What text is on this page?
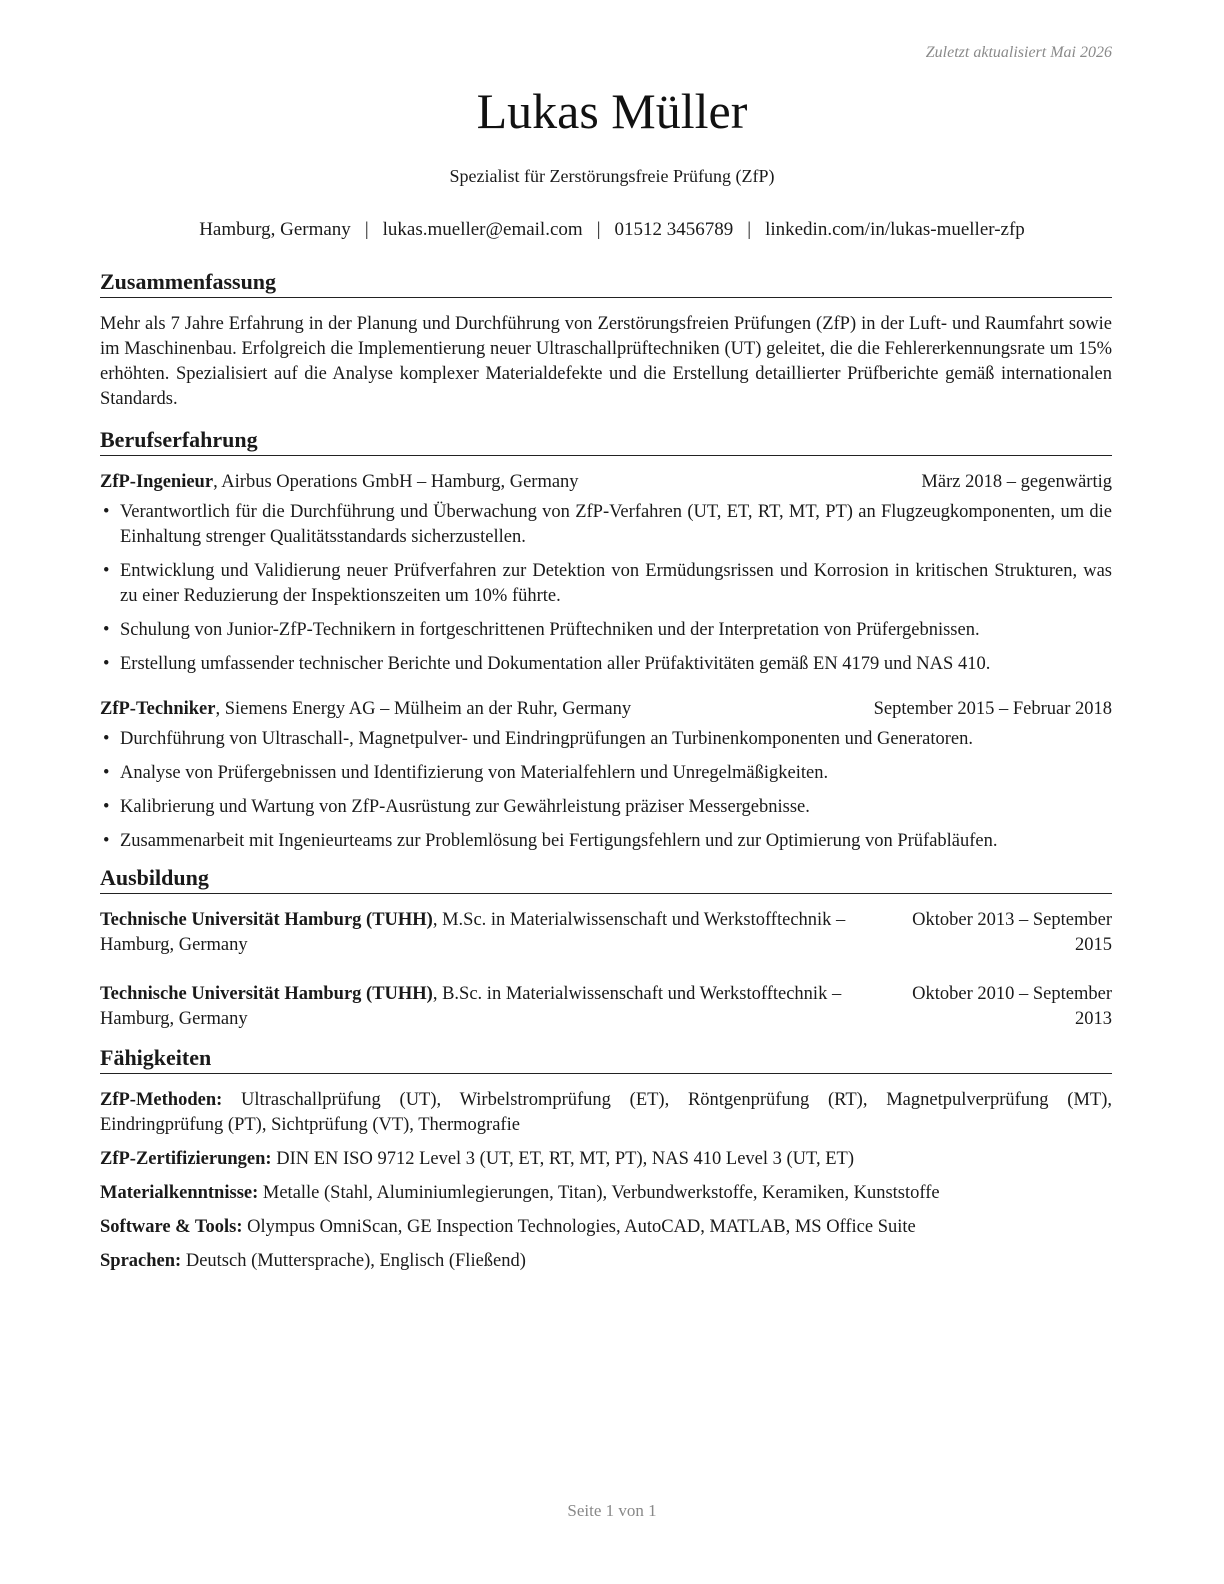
Zuletzt aktualisiert Mai 2026
Lukas Müller
Spezialist für Zerstörungsfreie Prüfung (ZfP)
Hamburg, Germany | lukas.mueller@email.com | 01512 3456789 | linkedin.com/in/lukas-mueller-zfp
Zusammenfassung

Mehr als 7 Jahre Erfahrung in der Planung und Durchführung von Zerstörungsfreien Prüfungen (ZfP) in der Luft- und Raumfahrt sowie im Maschinenbau. Erfolgreich die Implementierung neuer Ultraschallprüftechniken (UT) geleitet, die die Fehlererkennungsrate um 15% erhöhten. Spezialisiert auf die Analyse komplexer Materialdefekte und die Erstellung detaillierter Prüfberichte gemäß internationalen Standards.

Berufserfahrung
ZfP-Ingenieur, Airbus Operations GmbH – Hamburg, Germany	März 2018 – gegenwärtig
• Verantwortlich für die Durchführung und Überwachung von ZfP-Verfahren (UT, ET, RT, MT, PT) an Flugzeugkomponenten, um die Einhaltung strenger Qualitätsstandards sicherzustellen.
• Entwicklung und Validierung neuer Prüfverfahren zur Detektion von Ermüdungsrissen und Korrosion in kritischen Strukturen, was zu einer Reduzierung der Inspektionszeiten um 10% führte.
• Schulung von Junior-ZfP-Technikern in fortgeschrittenen Prüftechniken und der Interpretation von Prüfergebnissen.
• Erstellung umfassender technischer Berichte und Dokumentation aller Prüfaktivitäten gemäß EN 4179 und NAS 410.
ZfP-Techniker, Siemens Energy AG – Mülheim an der Ruhr, Germany	September 2015 – Februar 2018
• Durchführung von Ultraschall-, Magnetpulver- und Eindringprüfungen an Turbinenkomponenten und Generatoren.
• Analyse von Prüfergebnissen und Identifizierung von Materialfehlern und Unregelmäßigkeiten.
• Kalibrierung und Wartung von ZfP-Ausrüstung zur Gewährleistung präziser Messergebnisse.
• Zusammenarbeit mit Ingenieurteams zur Problemlösung bei Fertigungsfehlern und zur Optimierung von Prüfabläufen.
Ausbildung
Technische Universität Hamburg (TUHH), M.Sc. in Materialwissenschaft und Werkstofftechnik – Hamburg, Germany
Oktober 2013 – September 2015
Technische Universität Hamburg (TUHH), B.Sc. in Materialwissenschaft und Werkstofftechnik – Hamburg, Germany
Oktober 2010 – September 2013
Fähigkeiten
ZfP-Methoden: Ultraschallprüfung (UT), Wirbelstromprüfung (ET), Röntgenprüfung (RT), Magnetpulverprüfung (MT), Eindringprüfung (PT), Sichtprüfung (VT), Thermografie
ZfP-Zertifizierungen: DIN EN ISO 9712 Level 3 (UT, ET, RT, MT, PT), NAS 410 Level 3 (UT, ET)
Materialkenntnisse: Metalle (Stahl, Aluminiumlegierungen, Titan), Verbundwerkstoffe, Keramiken, Kunststoffe
Software & Tools: Olympus OmniScan, GE Inspection Technologies, AutoCAD, MATLAB, MS Office Suite
Sprachen: Deutsch (Muttersprache), Englisch (Fließend)
Seite 1 von 1
